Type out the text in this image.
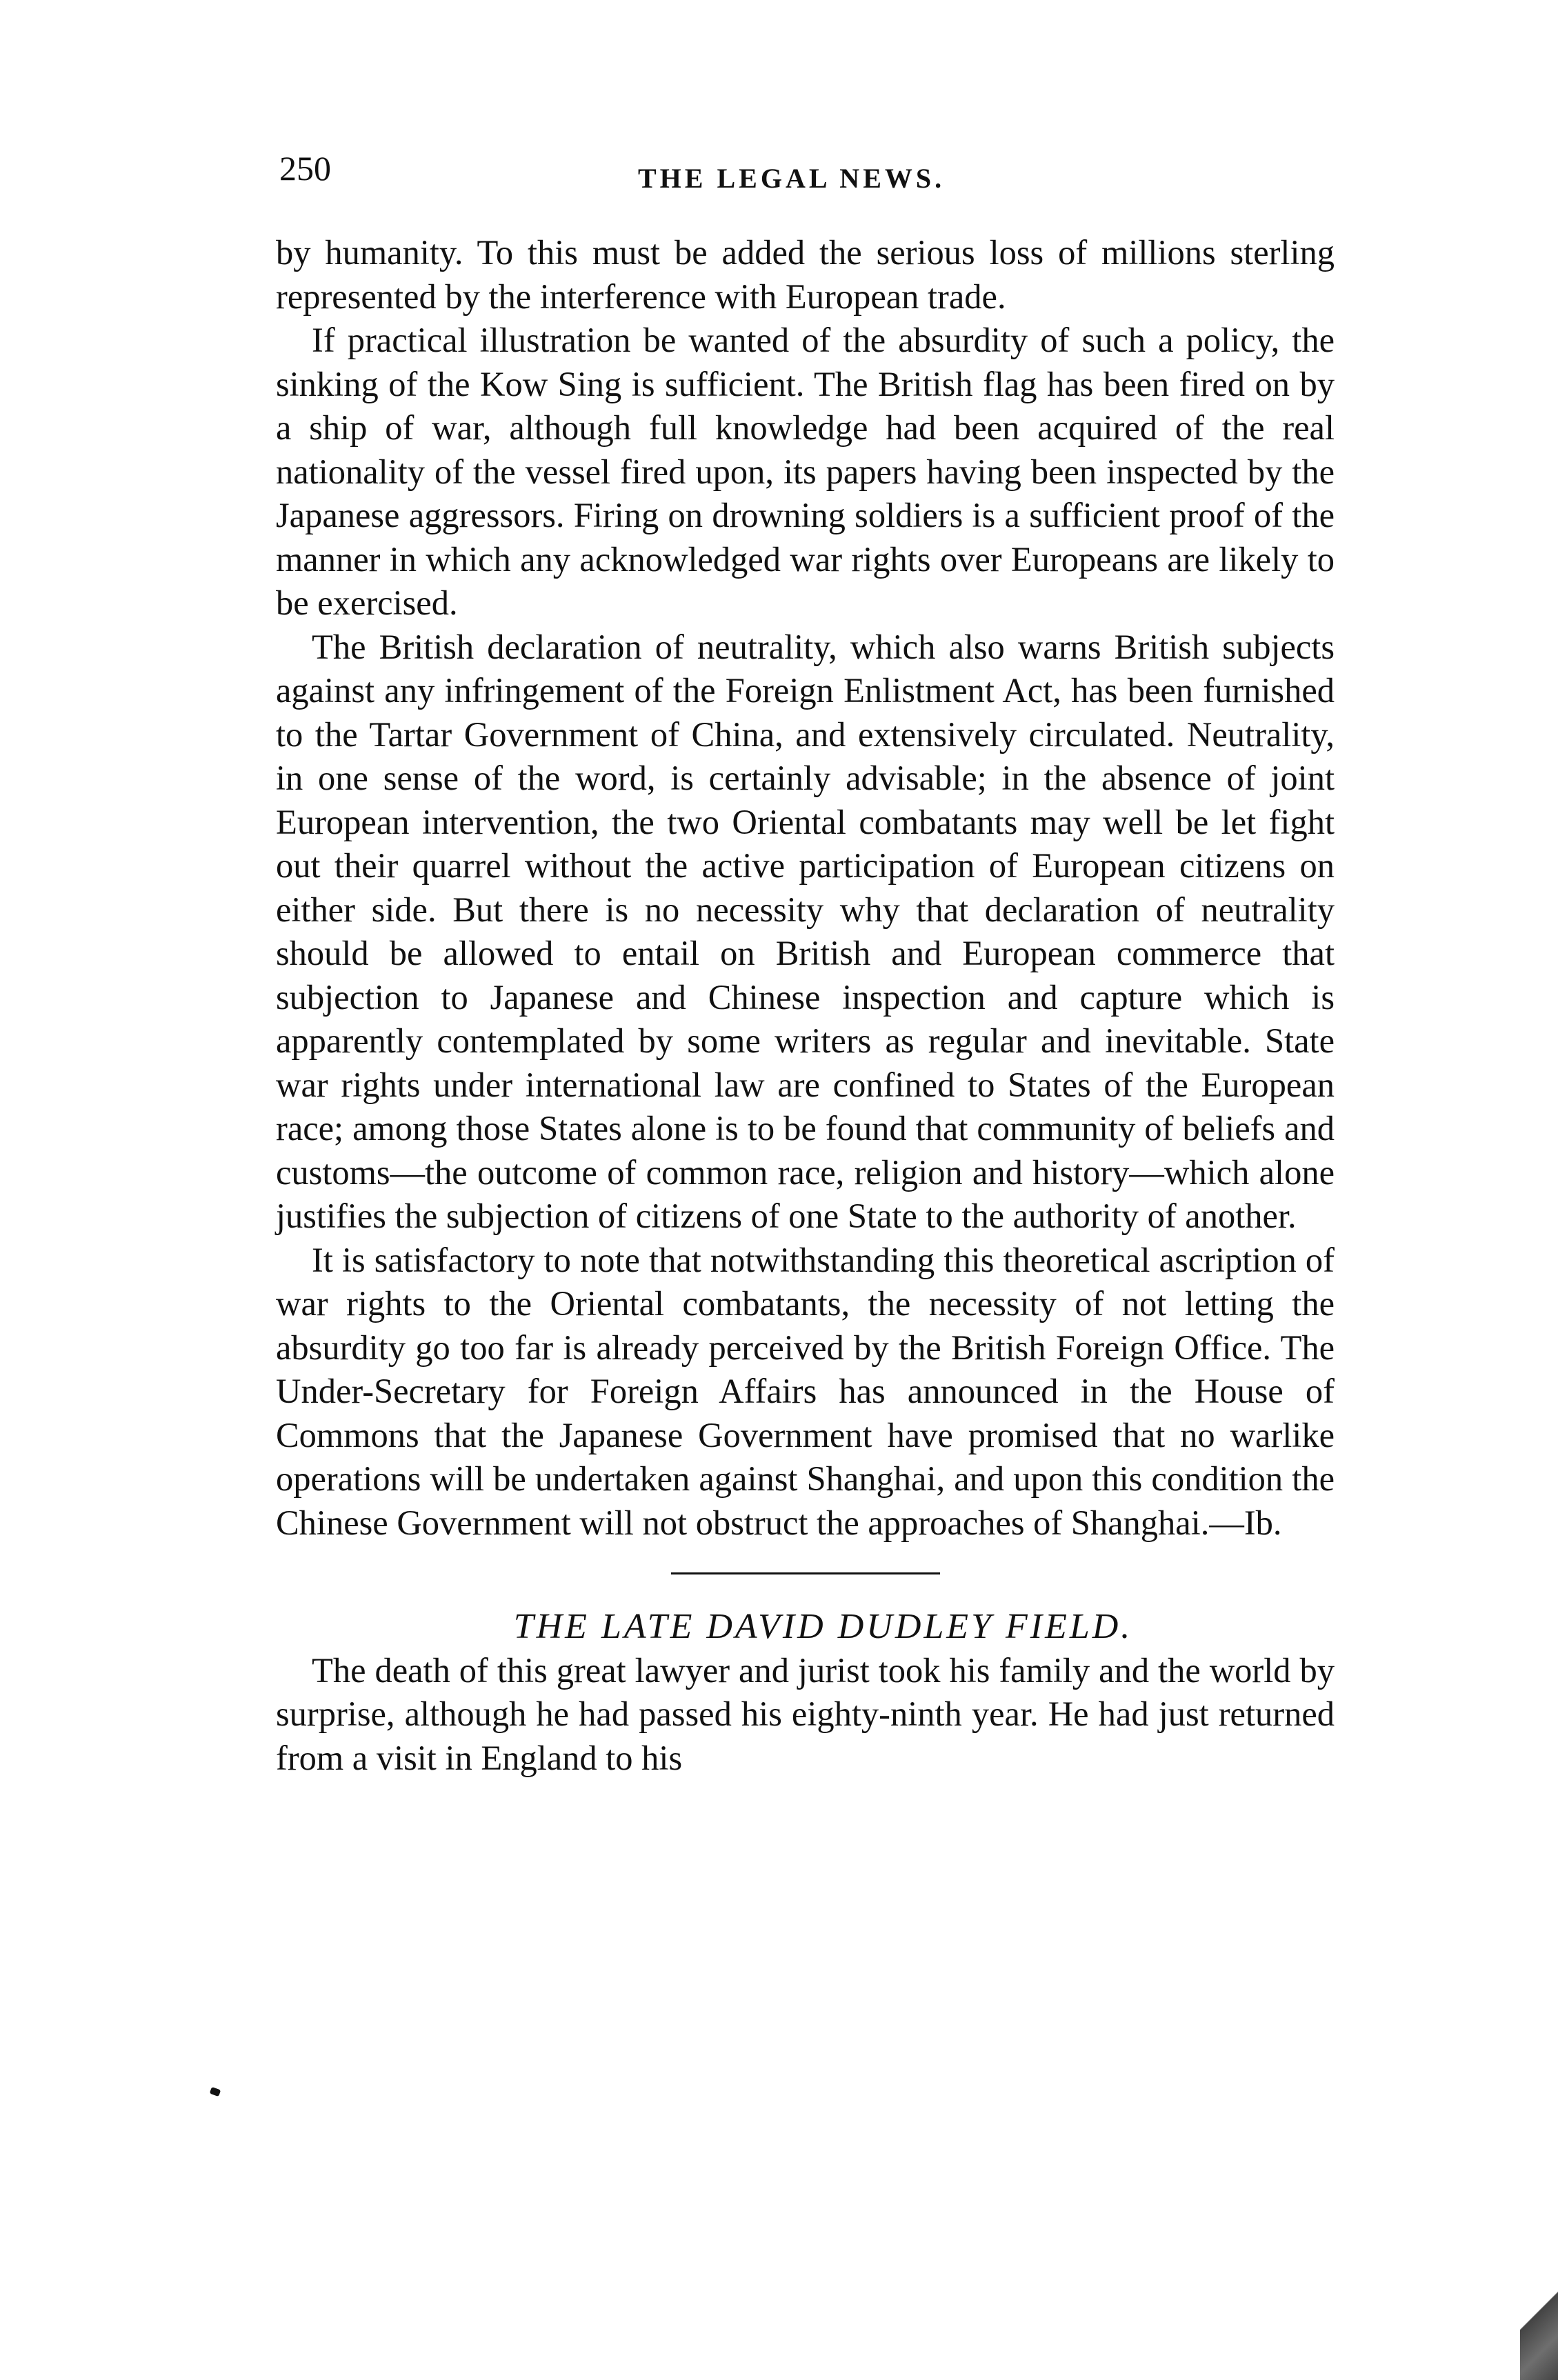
250	THE LEGAL NEWS.

by humanity. To this must be added the serious loss of millions sterling represented by the interference with European trade.

If practical illustration be wanted of the absurdity of such a policy, the sinking of the Kow Sing is sufficient. The British flag has been fired on by a ship of war, although full knowledge had been acquired of the real nationality of the vessel fired upon, its papers having been inspected by the Japanese aggressors. Firing on drowning soldiers is a sufficient proof of the manner in which any acknowledged war rights over Europeans are likely to be exercised.

The British declaration of neutrality, which also warns British subjects against any infringement of the Foreign Enlistment Act, has been furnished to the Tartar Government of China, and extensively circulated. Neutrality, in one sense of the word, is certainly advisable; in the absence of joint European intervention, the two Oriental combatants may well be let fight out their quarrel without the active participation of European citizens on either side. But there is no necessity why that declaration of neutrality should be allowed to entail on British and European commerce that subjection to Japanese and Chinese inspection and capture which is apparently contemplated by some writers as regular and inevitable. State war rights under international law are confined to States of the European race; among those States alone is to be found that community of beliefs and customs—the outcome of common race, religion and history—which alone justifies the subjection of citizens of one State to the authority of another.

It is satisfactory to note that notwithstanding this theoretical ascription of war rights to the Oriental combatants, the necessity of not letting the absurdity go too far is already perceived by the British Foreign Office. The Under-Secretary for Foreign Affairs has announced in the House of Commons that the Japanese Government have promised that no warlike operations will be undertaken against Shanghai, and upon this condition the Chinese Government will not obstruct the approaches of Shanghai.—Ib.

THE LATE DAVID DUDLEY FIELD.

The death of this great lawyer and jurist took his family and the world by surprise, although he had passed his eighty-ninth year. He had just returned from a visit in England to his
